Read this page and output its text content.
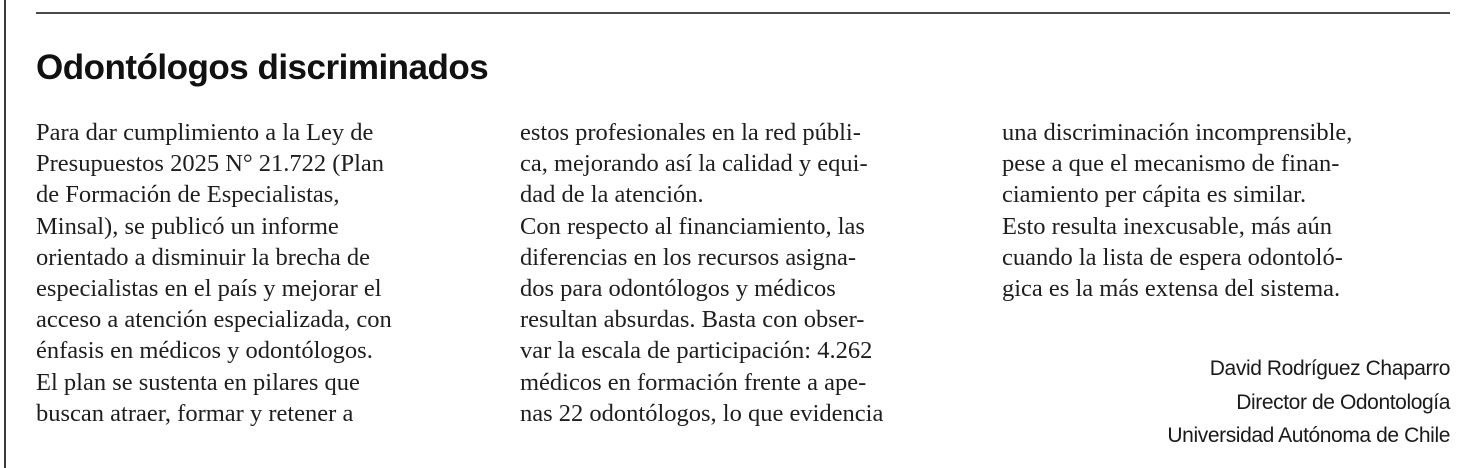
Odontólogos discriminados
Para dar cumplimiento a la Ley de
Presupuestos 2025 N° 21.722 (Plan
de Formación de Especialistas,
Minsal), se publicó un informe
orientado a disminuir la brecha de
especialistas en el país y mejorar el
acceso a atención especializada, con
énfasis en médicos y odontólogos.
El plan se sustenta en pilares que
buscan atraer, formar y retener a
estos profesionales en la red públi-
ca, mejorando así la calidad y equi-
dad de la atención.
Con respecto al financiamiento, las
diferencias en los recursos asigna-
dos para odontólogos y médicos
resultan absurdas. Basta con obser-
var la escala de participación: 4.262
médicos en formación frente a ape-
nas 22 odontólogos, lo que evidencia
una discriminación incomprensible,
pese a que el mecanismo de finan-
ciamiento per cápita es similar.
Esto resulta inexcusable, más aún
cuando la lista de espera odontoló-
gica es la más extensa del sistema.
David Rodríguez Chaparro
Director de Odontología
Universidad Autónoma de Chile
